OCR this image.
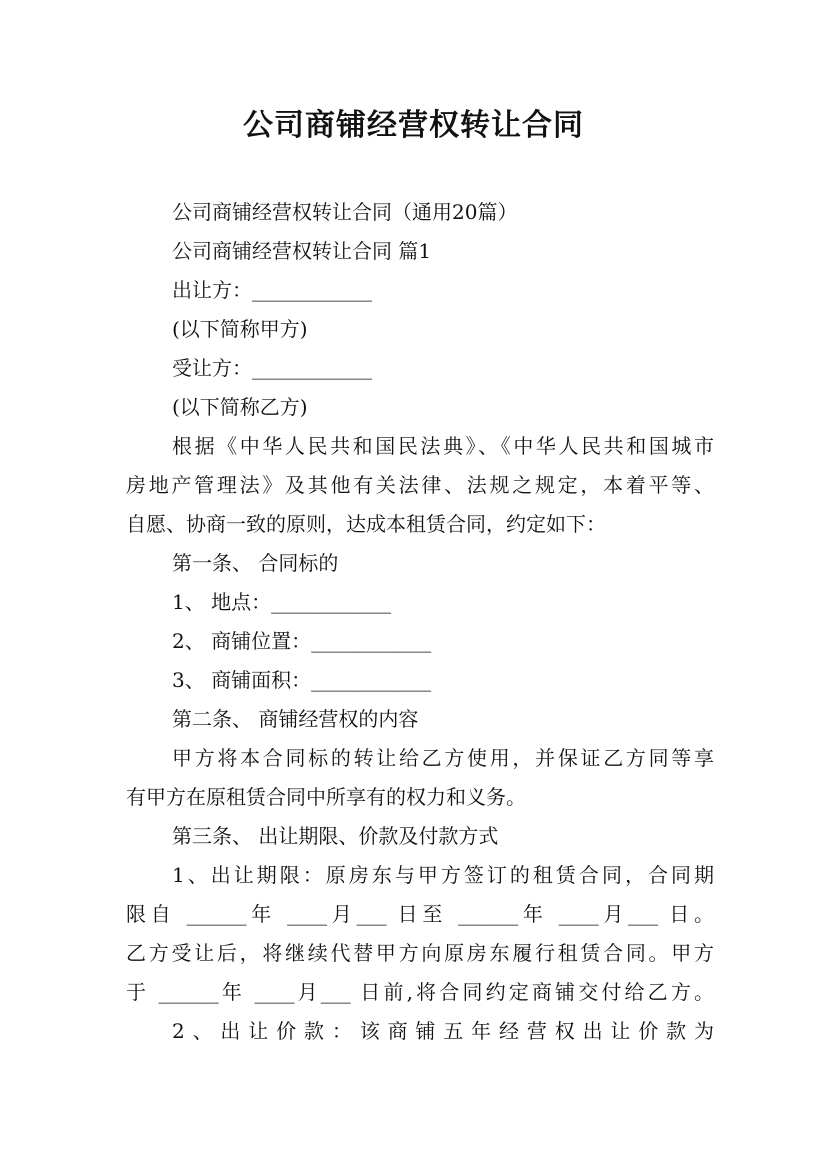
公司商铺经营权转让合同
公司商铺经营权转让合同（通用20篇）
公司商铺经营权转让合同 篇1
出让方：____________
(以下简称甲方)
受让方：____________
(以下简称乙方)
根据《中华人民共和国民法典》、《中华人民共和国城市
房地产管理法》及其他有关法律、法规之规定，本着平等、
自愿、协商一致的原则，达成本租赁合同，约定如下：
第一条、 合同标的
1、 地点：____________
2、 商铺位置：____________
3、 商铺面积：____________
第二条、 商铺经营权的内容
甲方将本合同标的转让给乙方使用，并保证乙方同等享
有甲方在原租赁合同中所享有的权力和义务。
第三条、 出让期限、价款及付款方式
1、出让期限：原房东与甲方签订的租赁合同，合同期
限自 ______年 ____月___ 日至 ______年 ____月___ 日。
乙方受让后，将继续代替甲方向原房东履行租赁合同。甲方
于 ______年 ____月___ 日前,将合同约定商铺交付给乙方。
2、出让价款：该商铺五年经营权出让价款为
